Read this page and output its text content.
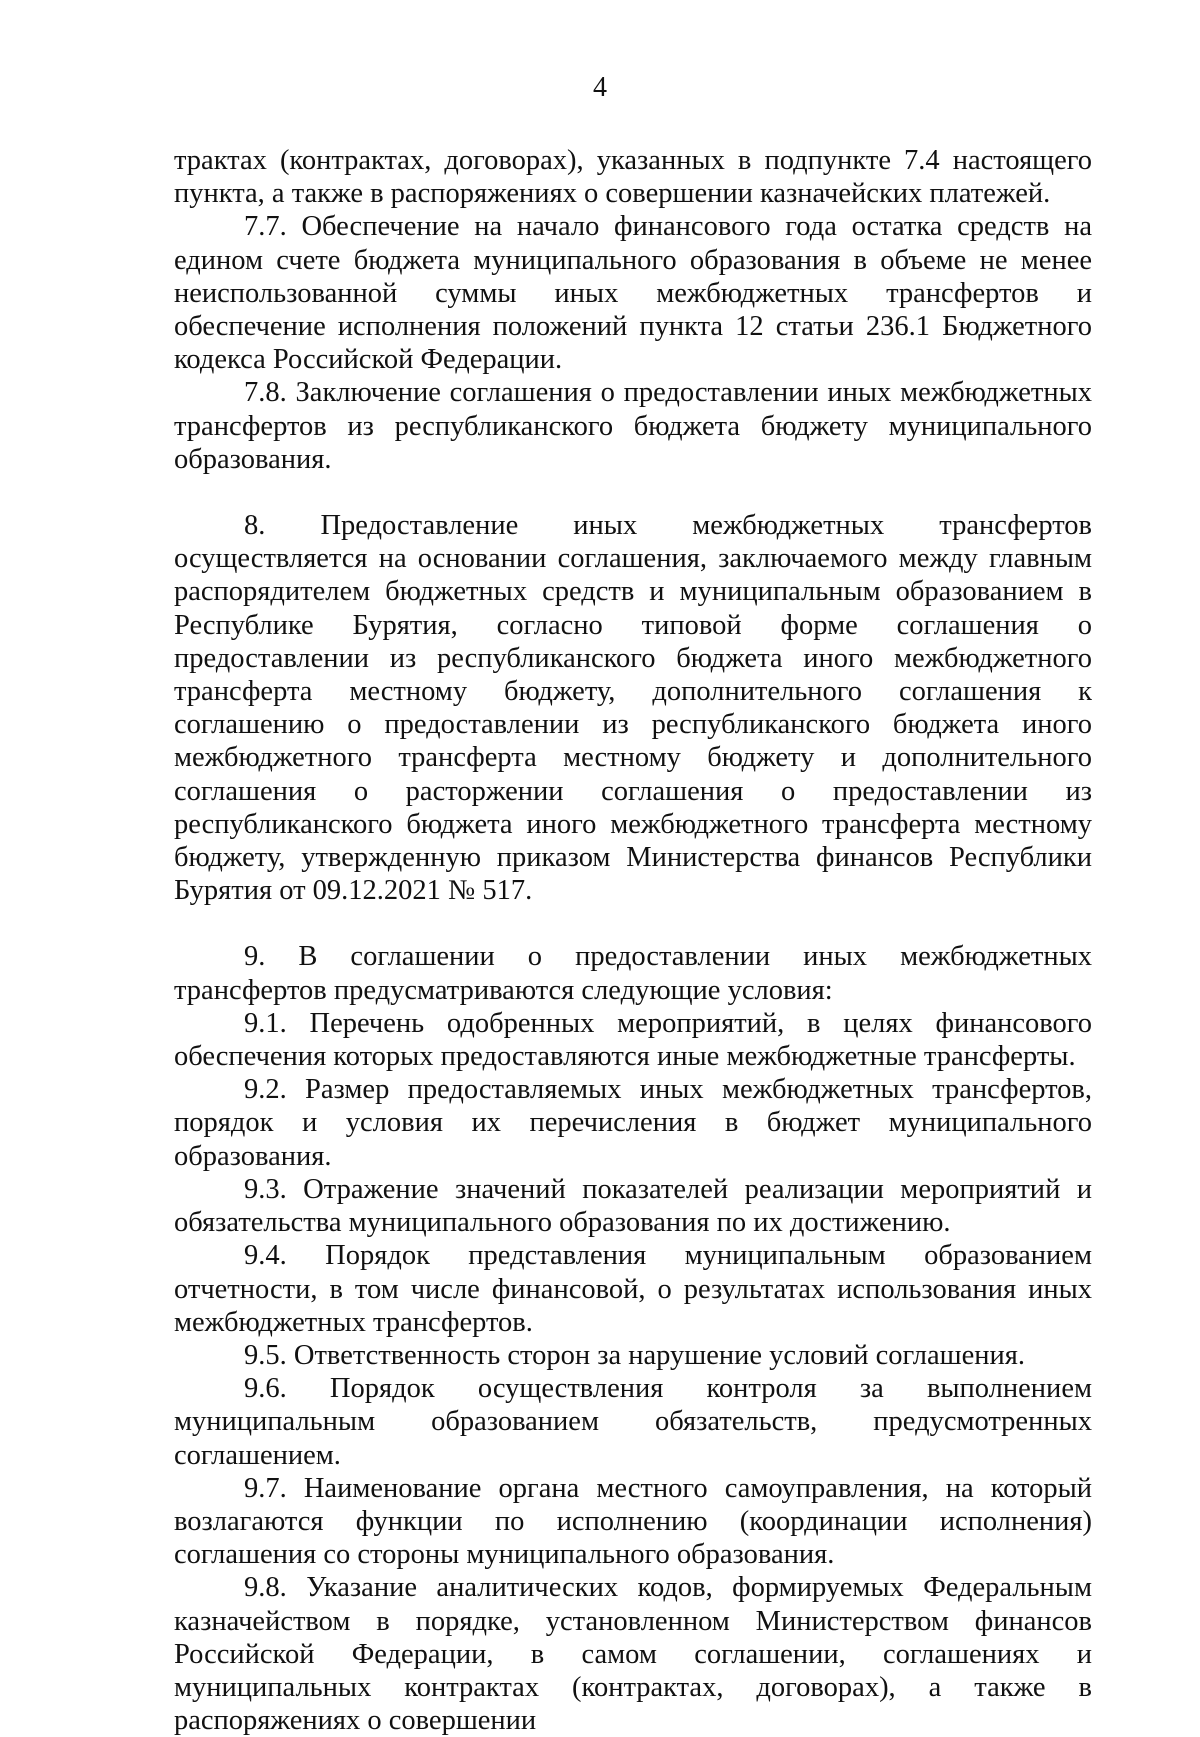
4

трактах (контрактах, договорах), указанных в подпункте 7.4 настоящего пункта, а также в распоряжениях о совершении казначейских платежей.

7.7. Обеспечение на начало финансового года остатка средств на едином счете бюджета муниципального образования в объеме не менее неиспользованной суммы иных межбюджетных трансфертов и обеспечение исполнения положений пункта 12 статьи 236.1 Бюджетного кодекса Российской Федерации.

7.8. Заключение соглашения о предоставлении иных межбюджетных трансфертов из республиканского бюджета бюджету муниципального образования.

8. Предоставление иных межбюджетных трансфертов осуществляется на основании соглашения, заключаемого между главным распорядителем бюджетных средств и муниципальным образованием в Республике Бурятия, согласно типовой форме соглашения о предоставлении из республиканского бюджета иного межбюджетного трансферта местному бюджету, дополнительного соглашения к соглашению о предоставлении из республиканского бюджета иного межбюджетного трансферта местному бюджету и дополнительного соглашения о расторжении соглашения о предоставлении из республиканского бюджета иного межбюджетного трансферта местному бюджету, утвержденную приказом Министерства финансов Республики Бурятия от 09.12.2021 № 517.

9. В соглашении о предоставлении иных межбюджетных трансфертов предусматриваются следующие условия:

9.1. Перечень одобренных мероприятий, в целях финансового обеспечения которых предоставляются иные межбюджетные трансферты.

9.2. Размер предоставляемых иных межбюджетных трансфертов, порядок и условия их перечисления в бюджет муниципального образования.

9.3. Отражение значений показателей реализации мероприятий и обязательства муниципального образования по их достижению.

9.4. Порядок представления муниципальным образованием отчетности, в том числе финансовой, о результатах использования иных межбюджетных трансфертов.

9.5. Ответственность сторон за нарушение условий соглашения.

9.6. Порядок осуществления контроля за выполнением муниципальным образованием обязательств, предусмотренных соглашением.

9.7. Наименование органа местного самоуправления, на который возлагаются функции по исполнению (координации исполнения) соглашения со стороны муниципального образования.

9.8. Указание аналитических кодов, формируемых Федеральным казначейством в порядке, установленном Министерством финансов Российской Федерации, в самом соглашении, соглашениях и муниципальных контрактах (контрактах, договорах), а также в распоряжениях о совершении
